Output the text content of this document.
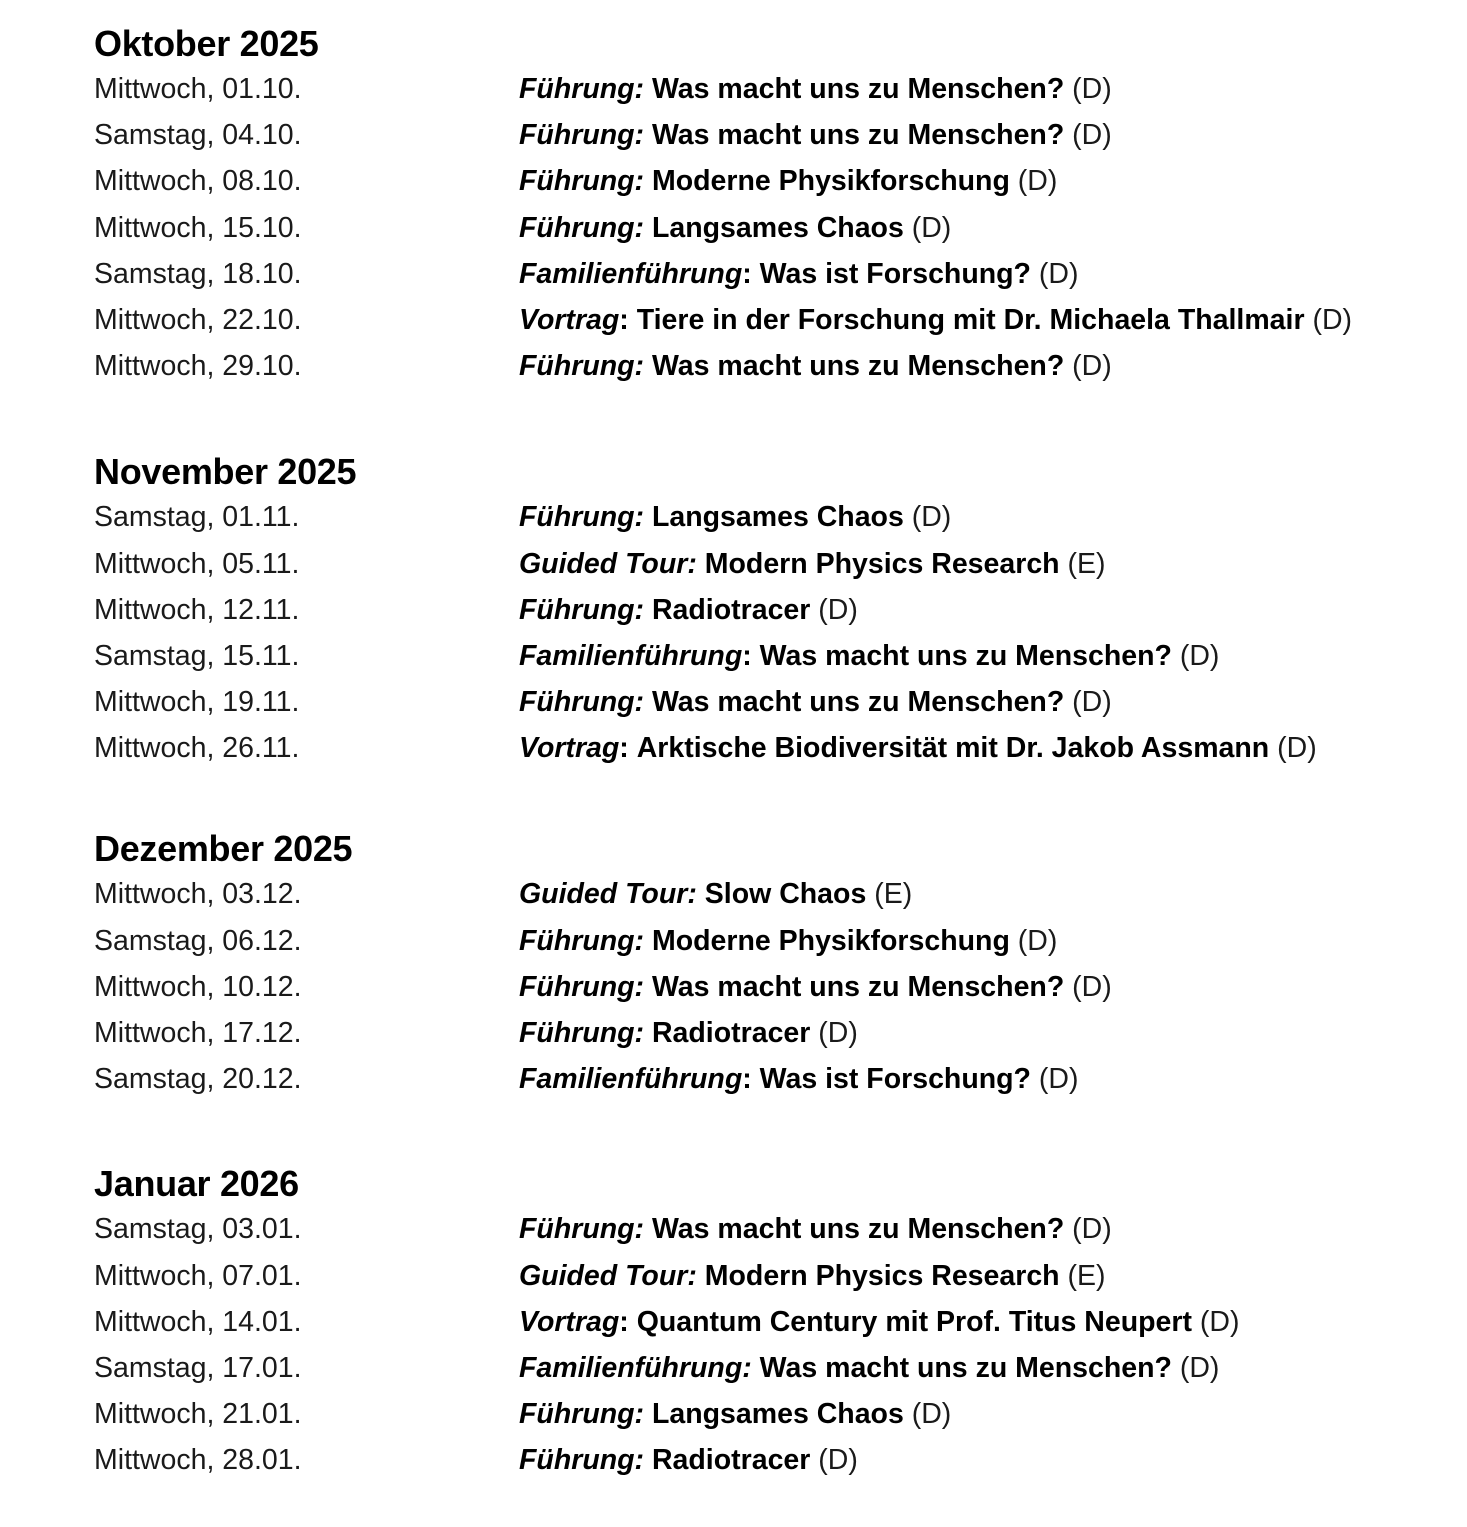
Oktober 2025
Mittwoch, 01.10.	Führung: Was macht uns zu Menschen? (D)
Samstag, 04.10.	Führung: Was macht uns zu Menschen? (D)
Mittwoch, 08.10.	Führung: Moderne Physikforschung (D)
Mittwoch, 15.10.	Führung: Langsames Chaos (D)
Samstag, 18.10.	Familienführung: Was ist Forschung? (D)
Mittwoch, 22.10.	Vortrag: Tiere in der Forschung mit Dr. Michaela Thallmair (D)
Mittwoch, 29.10.	Führung: Was macht uns zu Menschen? (D)
November 2025
Samstag, 01.11.	Führung: Langsames Chaos (D)
Mittwoch, 05.11.	Guided Tour: Modern Physics Research (E)
Mittwoch, 12.11.	Führung: Radiotracer (D)
Samstag, 15.11.	Familienführung: Was macht uns zu Menschen? (D)
Mittwoch, 19.11.	Führung: Was macht uns zu Menschen? (D)
Mittwoch, 26.11.	Vortrag: Arktische Biodiversität mit Dr. Jakob Assmann (D)
Dezember 2025
Mittwoch, 03.12.	Guided Tour: Slow Chaos (E)
Samstag, 06.12.	Führung: Moderne Physikforschung (D)
Mittwoch, 10.12.	Führung: Was macht uns zu Menschen? (D)
Mittwoch, 17.12.	Führung: Radiotracer (D)
Samstag, 20.12.	Familienführung: Was ist Forschung? (D)
Januar 2026
Samstag, 03.01.	Führung: Was macht uns zu Menschen? (D)
Mittwoch, 07.01.	Guided Tour: Modern Physics Research (E)
Mittwoch, 14.01.	Vortrag: Quantum Century mit Prof. Titus Neupert (D)
Samstag, 17.01.	Familienführung: Was macht uns zu Menschen? (D)
Mittwoch, 21.01.	Führung: Langsames Chaos (D)
Mittwoch, 28.01.	Führung: Radiotracer (D)
